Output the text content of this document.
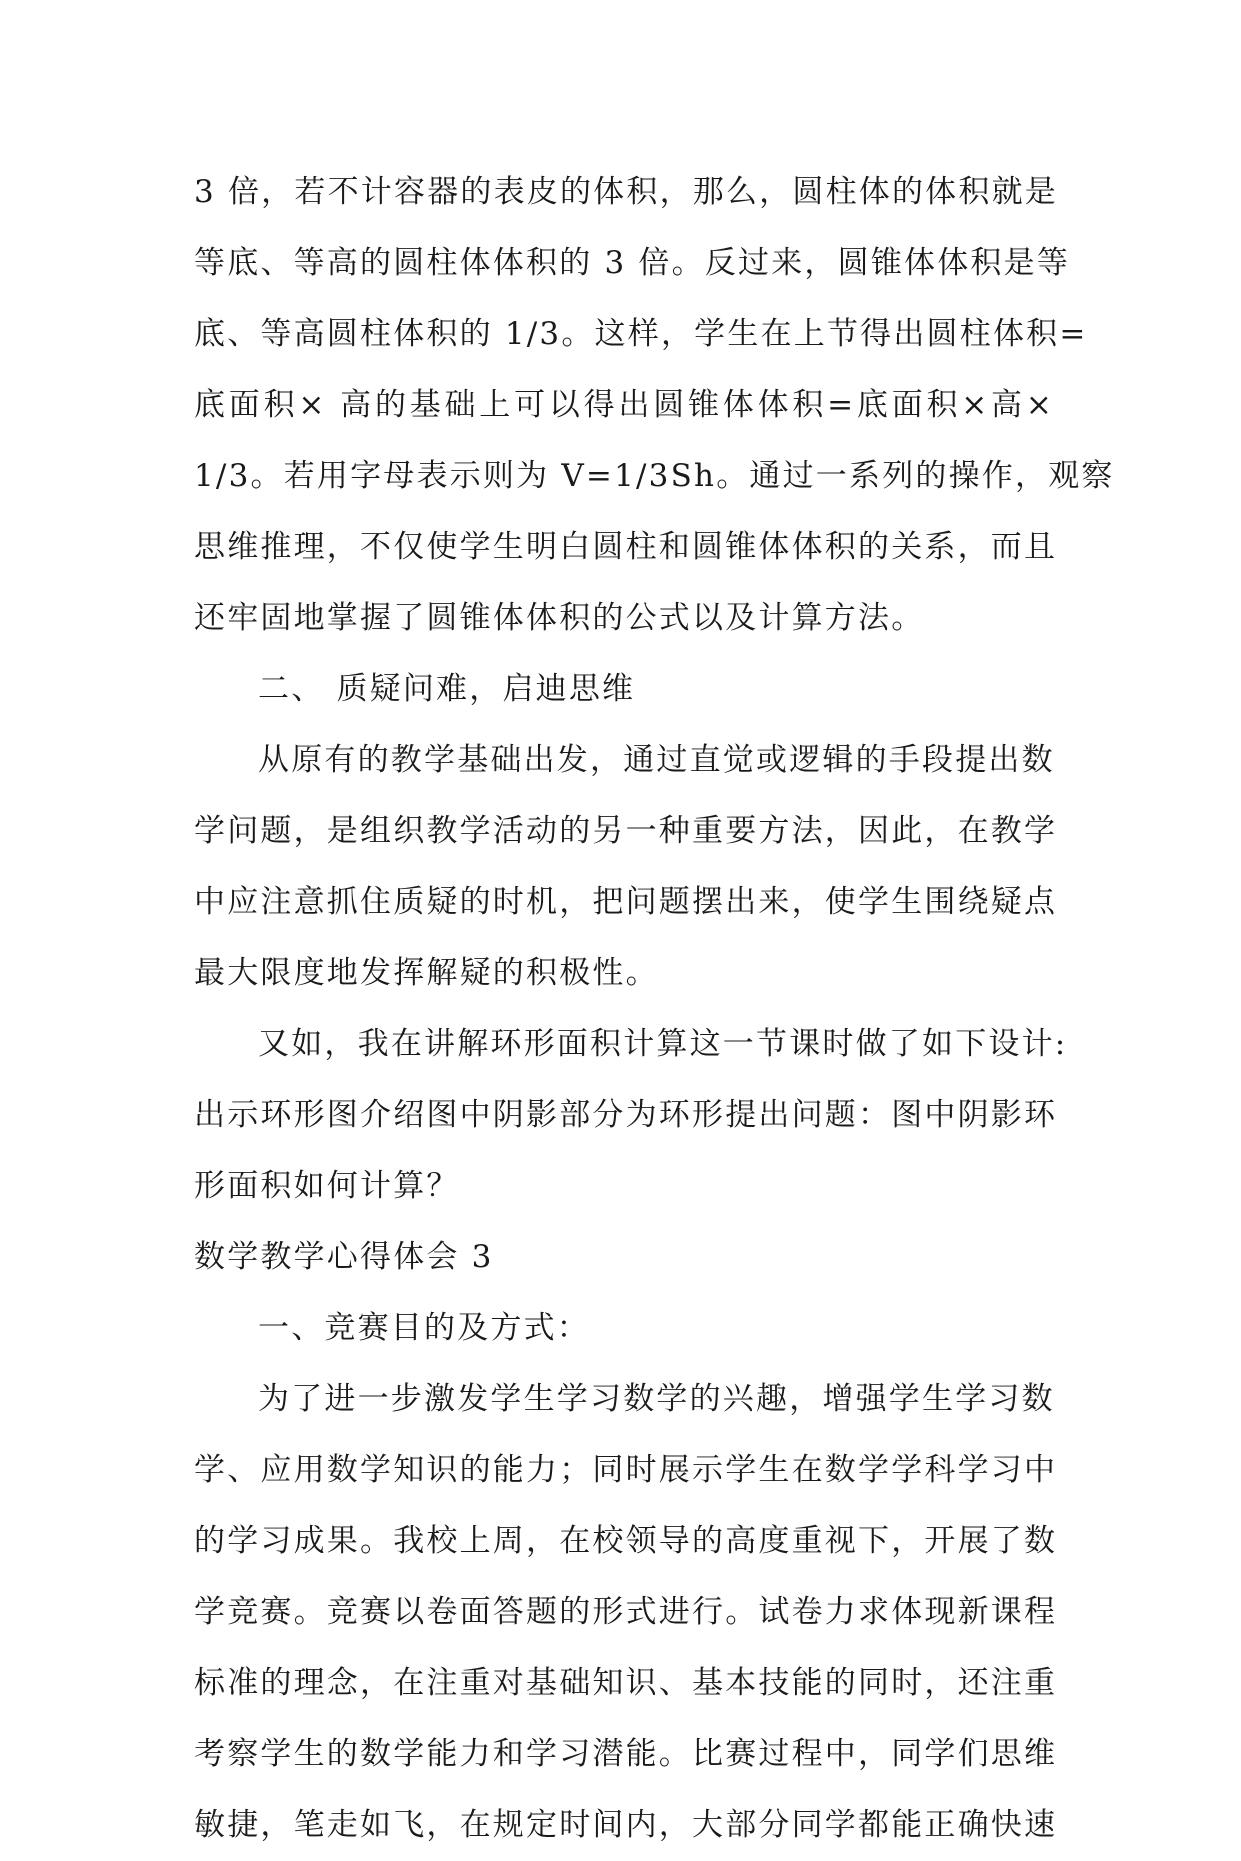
3 倍，若不计容器的表皮的体积，那么，圆柱体的体积就是
等底、等高的圆柱体体积的 3 倍。反过来，圆锥体体积是等
底、等高圆柱体积的 1/3。这样，学生在上节得出圆柱体积=
底面积× 高的基础上可以得出圆锥体体积=底面积×高×
1/3。若用字母表示则为 V=1/3Sh。通过一系列的操作，观察
思维推理，不仅使学生明白圆柱和圆锥体体积的关系，而且
还牢固地掌握了圆锥体体积的公式以及计算方法。
二、 质疑问难，启迪思维
从原有的教学基础出发，通过直觉或逻辑的手段提出数
学问题，是组织教学活动的另一种重要方法，因此，在教学
中应注意抓住质疑的时机，把问题摆出来，使学生围绕疑点
最大限度地发挥解疑的积极性。
又如，我在讲解环形面积计算这一节课时做了如下设计:
出示环形图介绍图中阴影部分为环形提出问题：图中阴影环
形面积如何计算？
数学教学心得体会 3
一、竞赛目的及方式：
为了进一步激发学生学习数学的兴趣，增强学生学习数
学、应用数学知识的能力；同时展示学生在数学学科学习中
的学习成果。我校上周，在校领导的高度重视下，开展了数
学竞赛。竞赛以卷面答题的形式进行。试卷力求体现新课程
标准的理念，在注重对基础知识、基本技能的同时，还注重
考察学生的数学能力和学习潜能。比赛过程中，同学们思维
敏捷，笔走如飞，在规定时间内，大部分同学都能正确快速
